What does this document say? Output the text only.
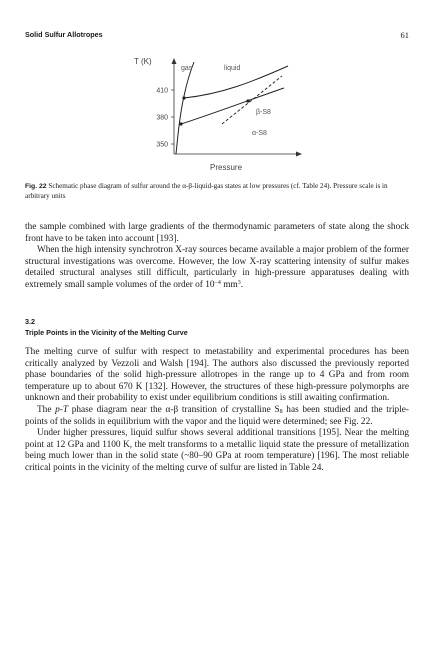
Solid Sulfur Allotropes	61
410
380
350
T (K)
Pressure
gas	liquid
β-S8
α-S8
Fig. 22 Schematic phase diagram of sulfur around the α-β-liquid-gas states at low pressures (cf. Table 24). Pressure scale is in arbitrary units

the sample combined with large gradients of the thermodynamic parameters of state along the shock front have to be taken into account [193].

When the high intensity synchrotron X-ray sources became available a major problem of the former structural investigations was overcome. However, the low X-ray scattering intensity of sulfur makes detailed structural analyses still difficult, particularly in high-pressure apparatuses dealing with extremely small sample volumes of the order of $10^{-4}$ $mm^3$.

3.2
Triple Points in the Vicinity of the Melting Curve

The melting curve of sulfur with respect to metastability and experimental procedures has been critically analyzed by Vezzoli and Walsh [194]. The authors also discussed the previously reported phase boundaries of the solid high-pressure allotropes in the range up to 4 GPa and from room temperature up to about 670 K [132]. However, the structures of these high-pressure polymorphs are unknown and their probability to exist under equilibrium conditions is still awaiting confirmation.

The p-T phase diagram near the α-β transition of crystalline $S_8$ has been studied and the triple-points of the solids in equilibrium with the vapor and the liquid were determined; see Fig. 22.

Under higher pressures, liquid sulfur shows several additional transitions [195]. Near the melting point at 12 GPa and 1100 K, the melt transforms to a metallic liquid state the pressure of metallization being much lower than in the solid state (~80–90 GPa at room temperature) [196]. The most reliable critical points in the vicinity of the melting curve of sulfur are listed in Table 24.
